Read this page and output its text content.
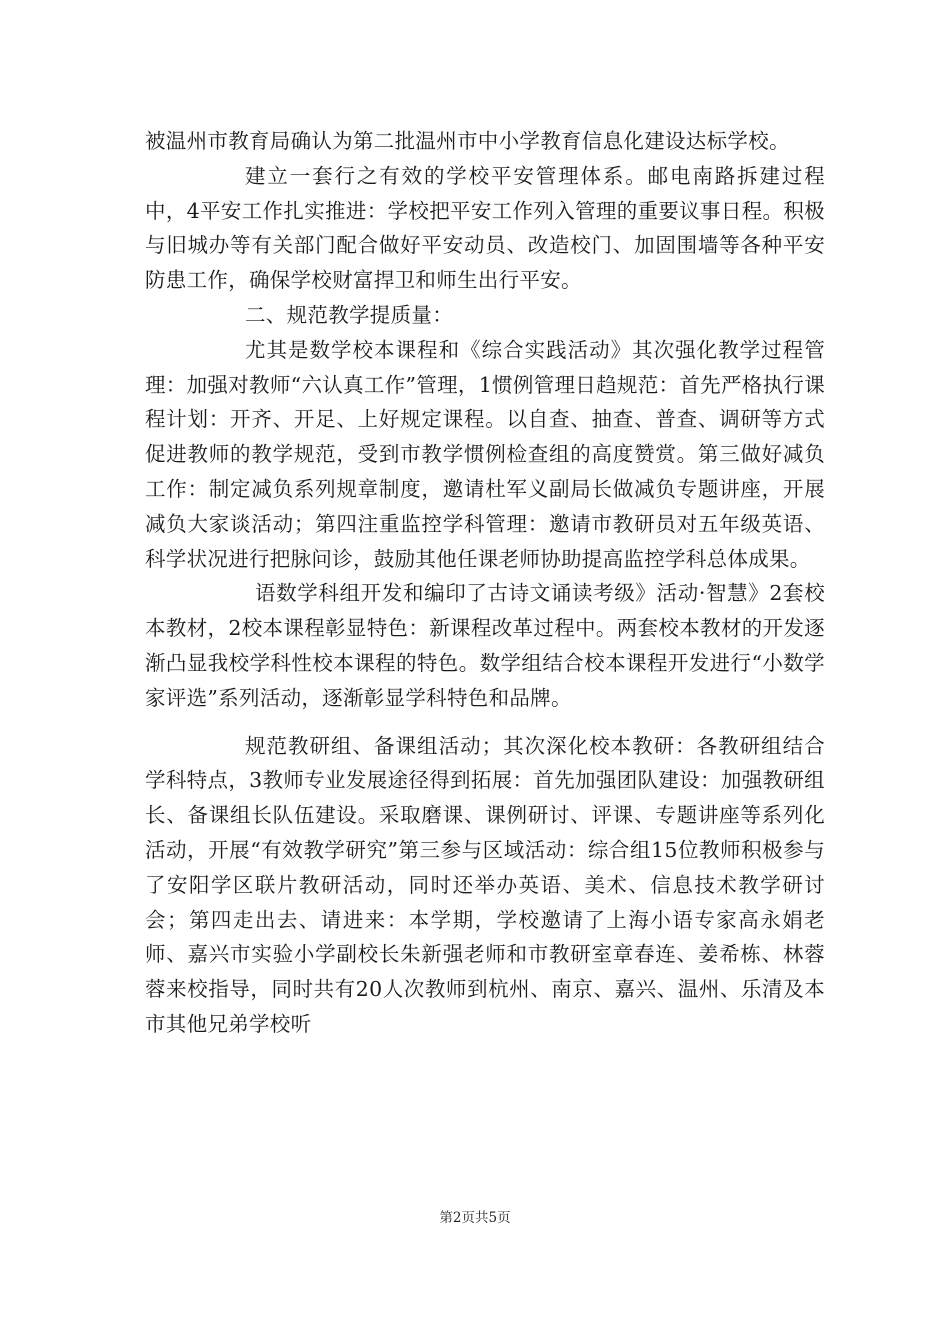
被温州市教育局确认为第二批温州市中小学教育信息化建设达标学校。

建立一套行之有效的学校平安管理体系。邮电南路拆建过程中，4平安工作扎实推进：学校把平安工作列入管理的重要议事日程。积极与旧城办等有关部门配合做好平安动员、改造校门、加固围墙等各种平安防患工作，确保学校财富捍卫和师生出行平安。

二、规范教学提质量：

尤其是数学校本课程和《综合实践活动》其次强化教学过程管理：加强对教师“六认真工作”管理，1惯例管理日趋规范：首先严格执行课程计划：开齐、开足、上好规定课程。以自查、抽查、普查、调研等方式促进教师的教学规范，受到市教学惯例检查组的高度赞赏。第三做好减负工作：制定减负系列规章制度，邀请杜军义副局长做减负专题讲座，开展减负大家谈活动；第四注重监控学科管理：邀请市教研员对五年级英语、科学状况进行把脉问诊，鼓励其他任课老师协助提高监控学科总体成果。

语数学科组开发和编印了古诗文诵读考级》活动·智慧》2套校本教材，2校本课程彰显特色：新课程改革过程中。两套校本教材的开发逐渐凸显我校学科性校本课程的特色。数学组结合校本课程开发进行“小数学家评选”系列活动，逐渐彰显学科特色和品牌。

规范教研组、备课组活动；其次深化校本教研：各教研组结合学科特点，3教师专业发展途径得到拓展：首先加强团队建设：加强教研组长、备课组长队伍建设。采取磨课、课例研讨、评课、专题讲座等系列化活动，开展“有效教学研究”第三参与区域活动：综合组15位教师积极参与了安阳学区联片教研活动，同时还举办英语、美术、信息技术教学研讨会；第四走出去、请进来：本学期，学校邀请了上海小语专家高永娟老师、嘉兴市实验小学副校长朱新强老师和市教研室章春连、姜希栋、林蓉蓉来校指导，同时共有20人次教师到杭州、南京、嘉兴、温州、乐清及本市其他兄弟学校听

第2页共5页
